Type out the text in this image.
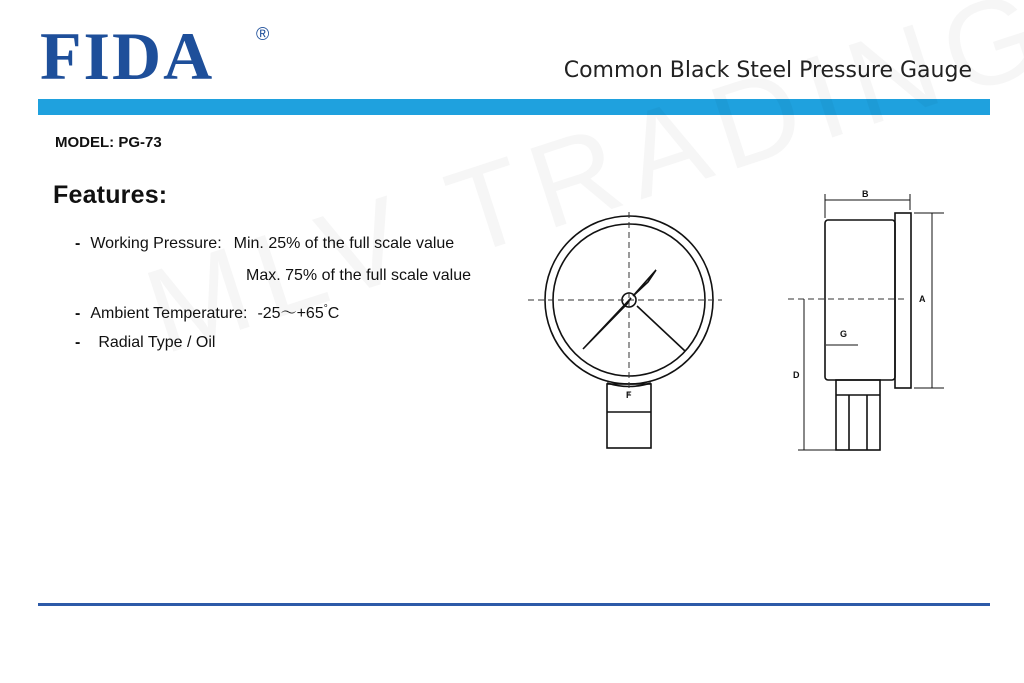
FIDA ®
Common Black Steel Pressure Gauge
MODEL: PG-73
Features:
- Working Pressure: Min. 25% of the full scale value
Max. 75% of the full scale value
- Ambient Temperature: -25～+65°C
- Radial Type / Oil
B
A
D
G
F
